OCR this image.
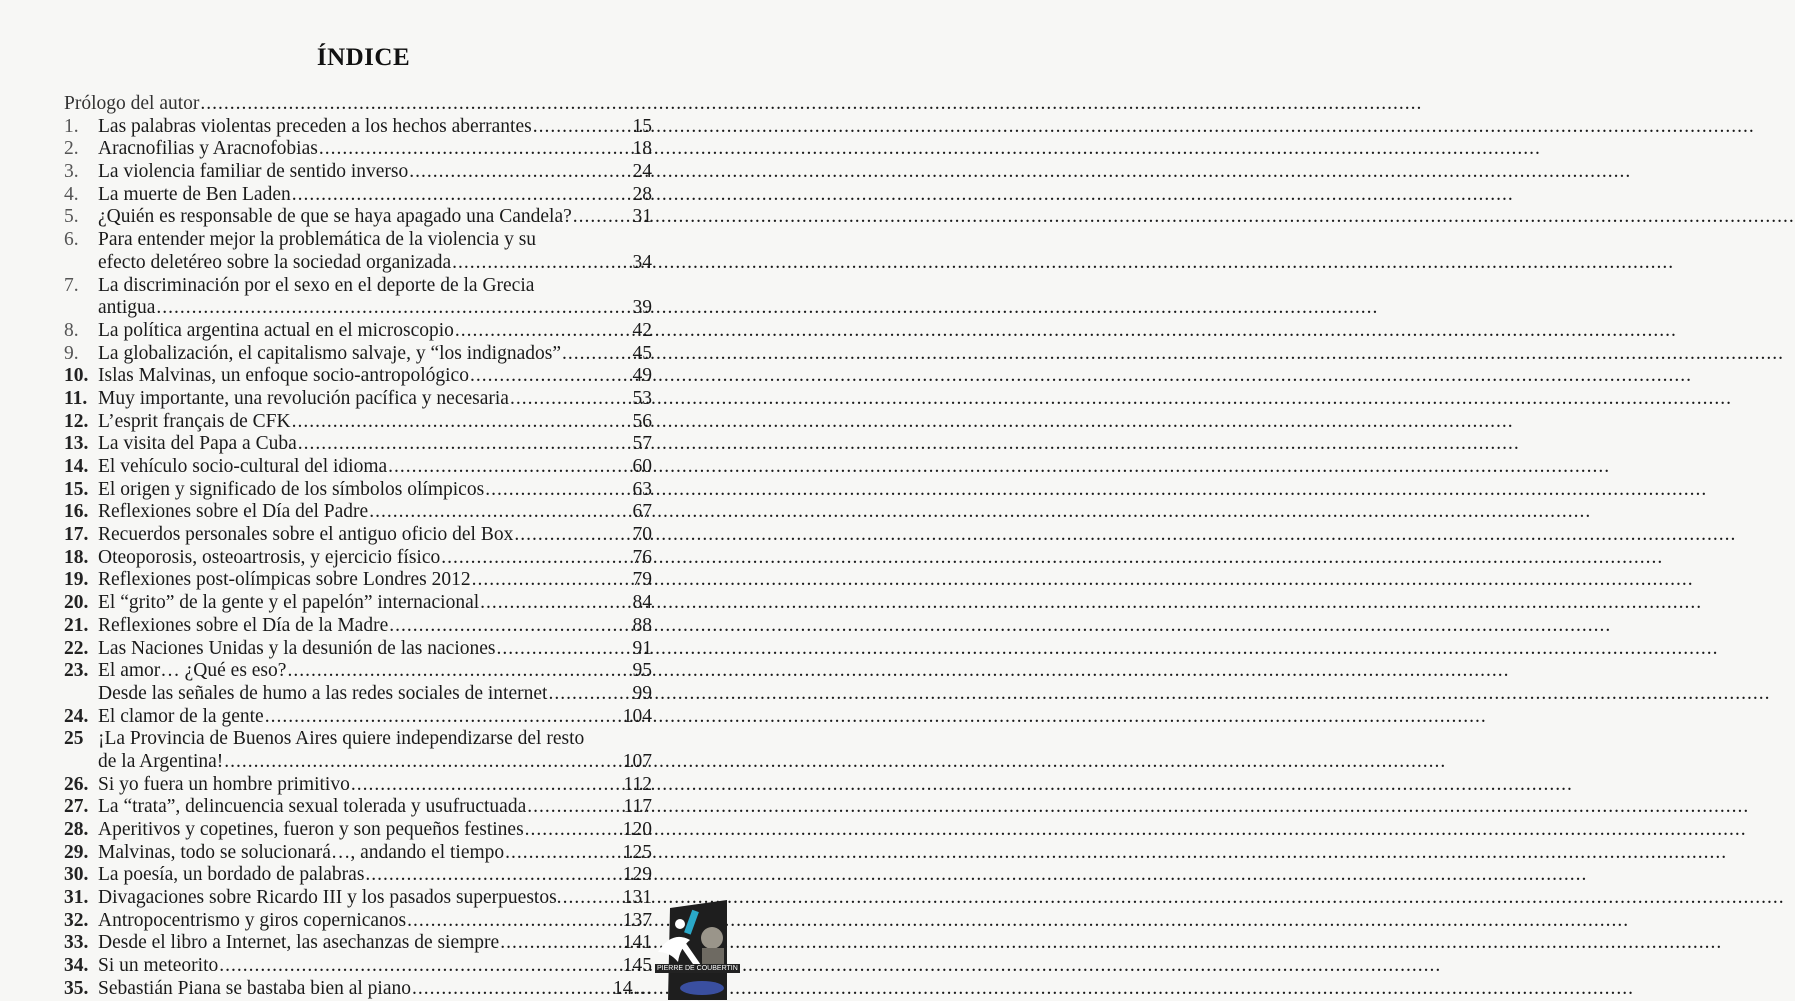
ÍNDICE
Prólogo del autor
.....
1. Las palabras violentas preceden a los hechos aberrantes .....	15
2. Aracnofilias y Aracnofobias .....	18
3. La violencia familiar de sentido inverso .....	24
4. La muerte de Ben Laden .....	28
5. ¿Quién es responsable de que se haya apagado una Candela? .....	31
6. Para entender mejor la problemática de la violencia y su
efecto deletéreo sobre la sociedad organizada .....	34
7. La discriminación por el sexo en el deporte de la Grecia
antigua .....	39
8. La política argentina actual en el microscopio .....	42
9. La globalización, el capitalismo salvaje, y “los indignados” .....	45
10. Islas Malvinas, un enfoque socio-antropológico .....	49
11. Muy importante, una revolución pacífica y necesaria .....	53
12. L’esprit français de CFK .....	56
13. La visita del Papa a Cuba .....	57
14. El vehículo socio-cultural del idioma .....	60
15. El origen y significado de los símbolos olímpicos .....	63
16. Reflexiones sobre el Día del Padre .....	67
17. Recuerdos personales sobre el antiguo oficio del Box .....	70
18. Oteoporosis, osteoartrosis, y ejercicio físico .....	76
19. Reflexiones post-olímpicas sobre Londres 2012 .....	79
20. El “grito” de la gente y el papelón” internacional .....	84
21. Reflexiones sobre el Día de la Madre .....	88
22. Las Naciones Unidas y la desunión de las naciones .....	91
23. El amor… ¿Qué es eso? .....	95
Desde las señales de humo a las redes sociales de internet .....	99
24. El clamor de la gente .....	104
25 ¡La Provincia de Buenos Aires quiere independizarse del resto
de la Argentina! .....	107
26. Si yo fuera un hombre primitivo .....	112
27. La “trata”, delincuencia sexual tolerada y usufructuada .....	117
28. Aperitivos y copetines, fueron y son pequeños festines .....	120
29. Malvinas, todo se solucionará…, andando el tiempo .....	125
30. La poesía, un bordado de palabras .....	129
31. Divagaciones sobre Ricardo III y los pasados superpuestos. .....	131
32. Antropocentrismo y giros copernicanos .....	137
33. Desde el libro a Internet, las asechanzas de siempre .....	141
34. Si un meteorito .....	145
35. Sebastián Piana se bastaba bien al piano .....	14…
PIERRE DE COUBERTIN
